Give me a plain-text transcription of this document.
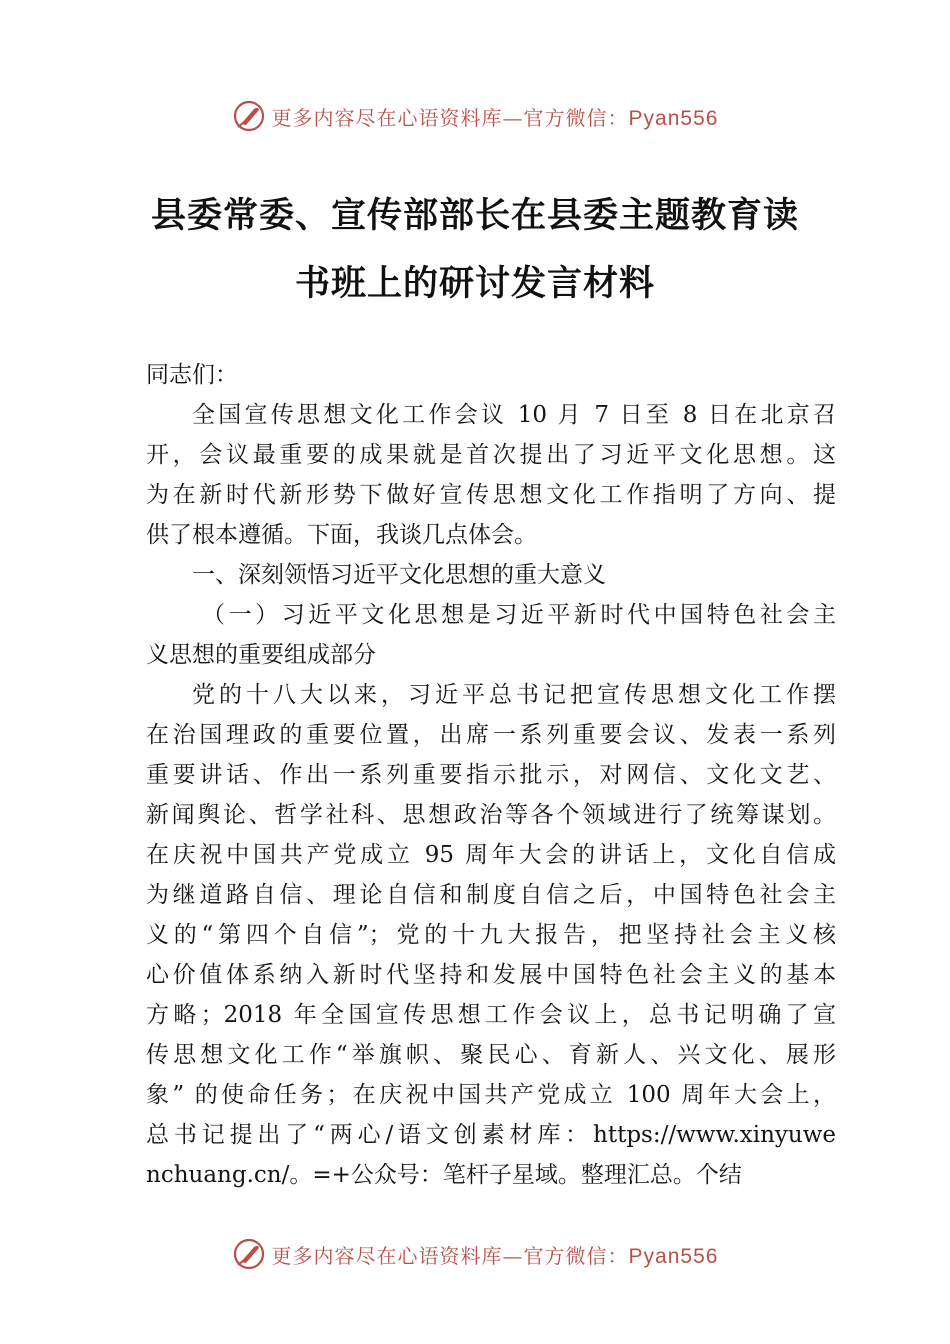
更多内容尽在心语资料库—官方微信：Pyan556
县委常委、宣传部部长在县委主题教育读
书班上的研讨发言材料
同志们：
全国宣传思想文化工作会议 10 月 7 日至 8 日在北京召
开，会议最重要的成果就是首次提出了习近平文化思想。这
为在新时代新形势下做好宣传思想文化工作指明了方向、提
供了根本遵循。下面，我谈几点体会。
一、深刻领悟习近平文化思想的重大意义
（一）习近平文化思想是习近平新时代中国特色社会主
义思想的重要组成部分
党的十八大以来，习近平总书记把宣传思想文化工作摆
在治国理政的重要位置，出席一系列重要会议、发表一系列
重要讲话、作出一系列重要指示批示，对网信、文化文艺、
新闻舆论、哲学社科、思想政治等各个领域进行了统筹谋划。
在庆祝中国共产党成立 95 周年大会的讲话上，文化自信成
为继道路自信、理论自信和制度自信之后，中国特色社会主
义的“第四个自信”；党的十九大报告，把坚持社会主义核
心价值体系纳入新时代坚持和发展中国特色社会主义的基本
方略；2018 年全国宣传思想工作会议上，总书记明确了宣
传思想文化工作“举旗帜、聚民心、育新人、兴文化、展形
象” 的使命任务；在庆祝中国共产党成立 100 周年大会上，
总书记提出了“两心/语文创素材库：https://www.xinyuwe
nchuang.cn/。=+公众号：笔杆子星域。整理汇总。个结
更多内容尽在心语资料库—官方微信：Pyan556
